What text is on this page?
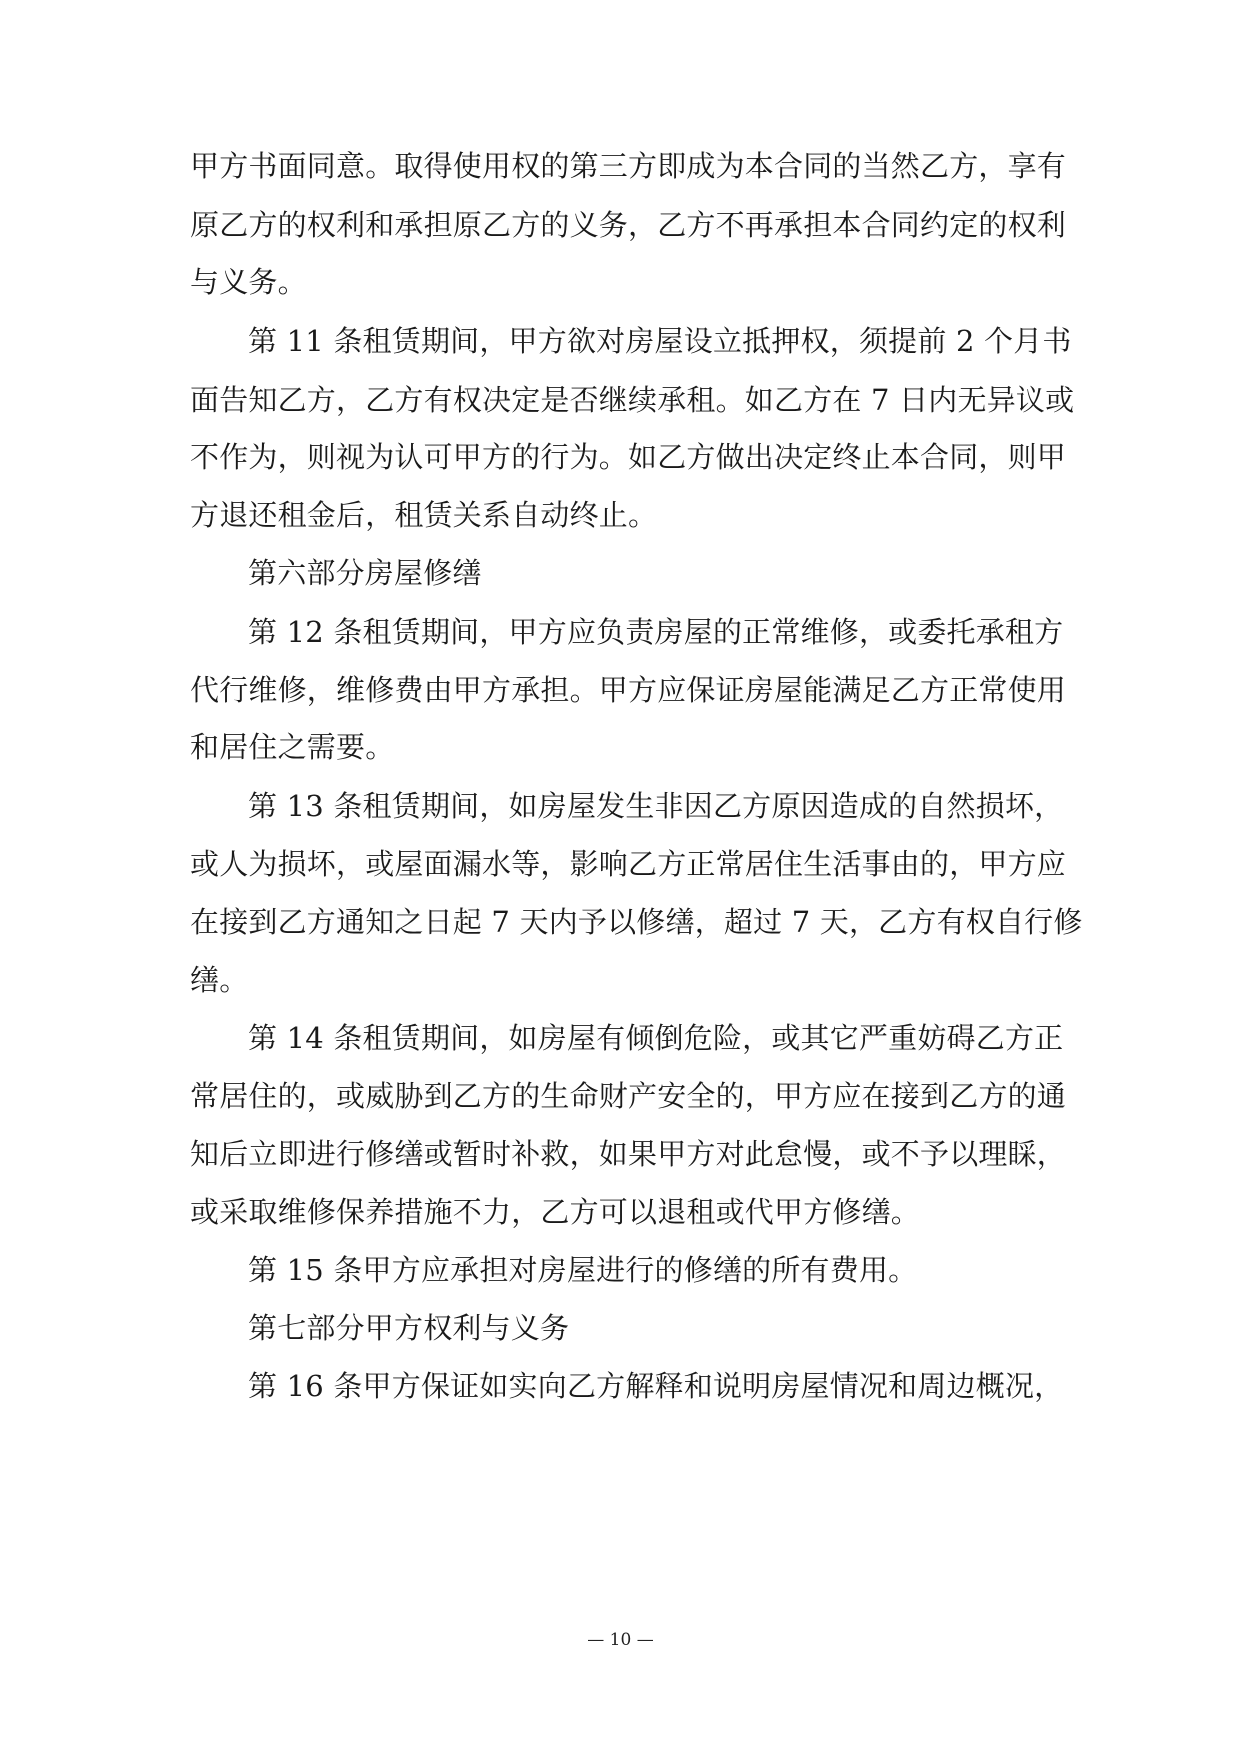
甲方书面同意。取得使用权的第三方即成为本合同的当然乙方，享有
原乙方的权利和承担原乙方的义务，乙方不再承担本合同约定的权利
与义务。
第 11 条租赁期间，甲方欲对房屋设立抵押权，须提前 2 个月书
面告知乙方，乙方有权决定是否继续承租。如乙方在 7 日内无异议或
不作为，则视为认可甲方的行为。如乙方做出决定终止本合同，则甲
方退还租金后，租赁关系自动终止。
第六部分房屋修缮
第 12 条租赁期间，甲方应负责房屋的正常维修，或委托承租方
代行维修，维修费由甲方承担。甲方应保证房屋能满足乙方正常使用
和居住之需要。
第 13 条租赁期间，如房屋发生非因乙方原因造成的自然损坏，
或人为损坏，或屋面漏水等，影响乙方正常居住生活事由的，甲方应
在接到乙方通知之日起 7 天内予以修缮，超过 7 天，乙方有权自行修
缮。
第 14 条租赁期间，如房屋有倾倒危险，或其它严重妨碍乙方正
常居住的，或威胁到乙方的生命财产安全的，甲方应在接到乙方的通
知后立即进行修缮或暂时补救，如果甲方对此怠慢，或不予以理睬，
或采取维修保养措施不力，乙方可以退租或代甲方修缮。
第 15 条甲方应承担对房屋进行的修缮的所有费用。
第七部分甲方权利与义务
第 16 条甲方保证如实向乙方解释和说明房屋情况和周边概况，
— 10 —
